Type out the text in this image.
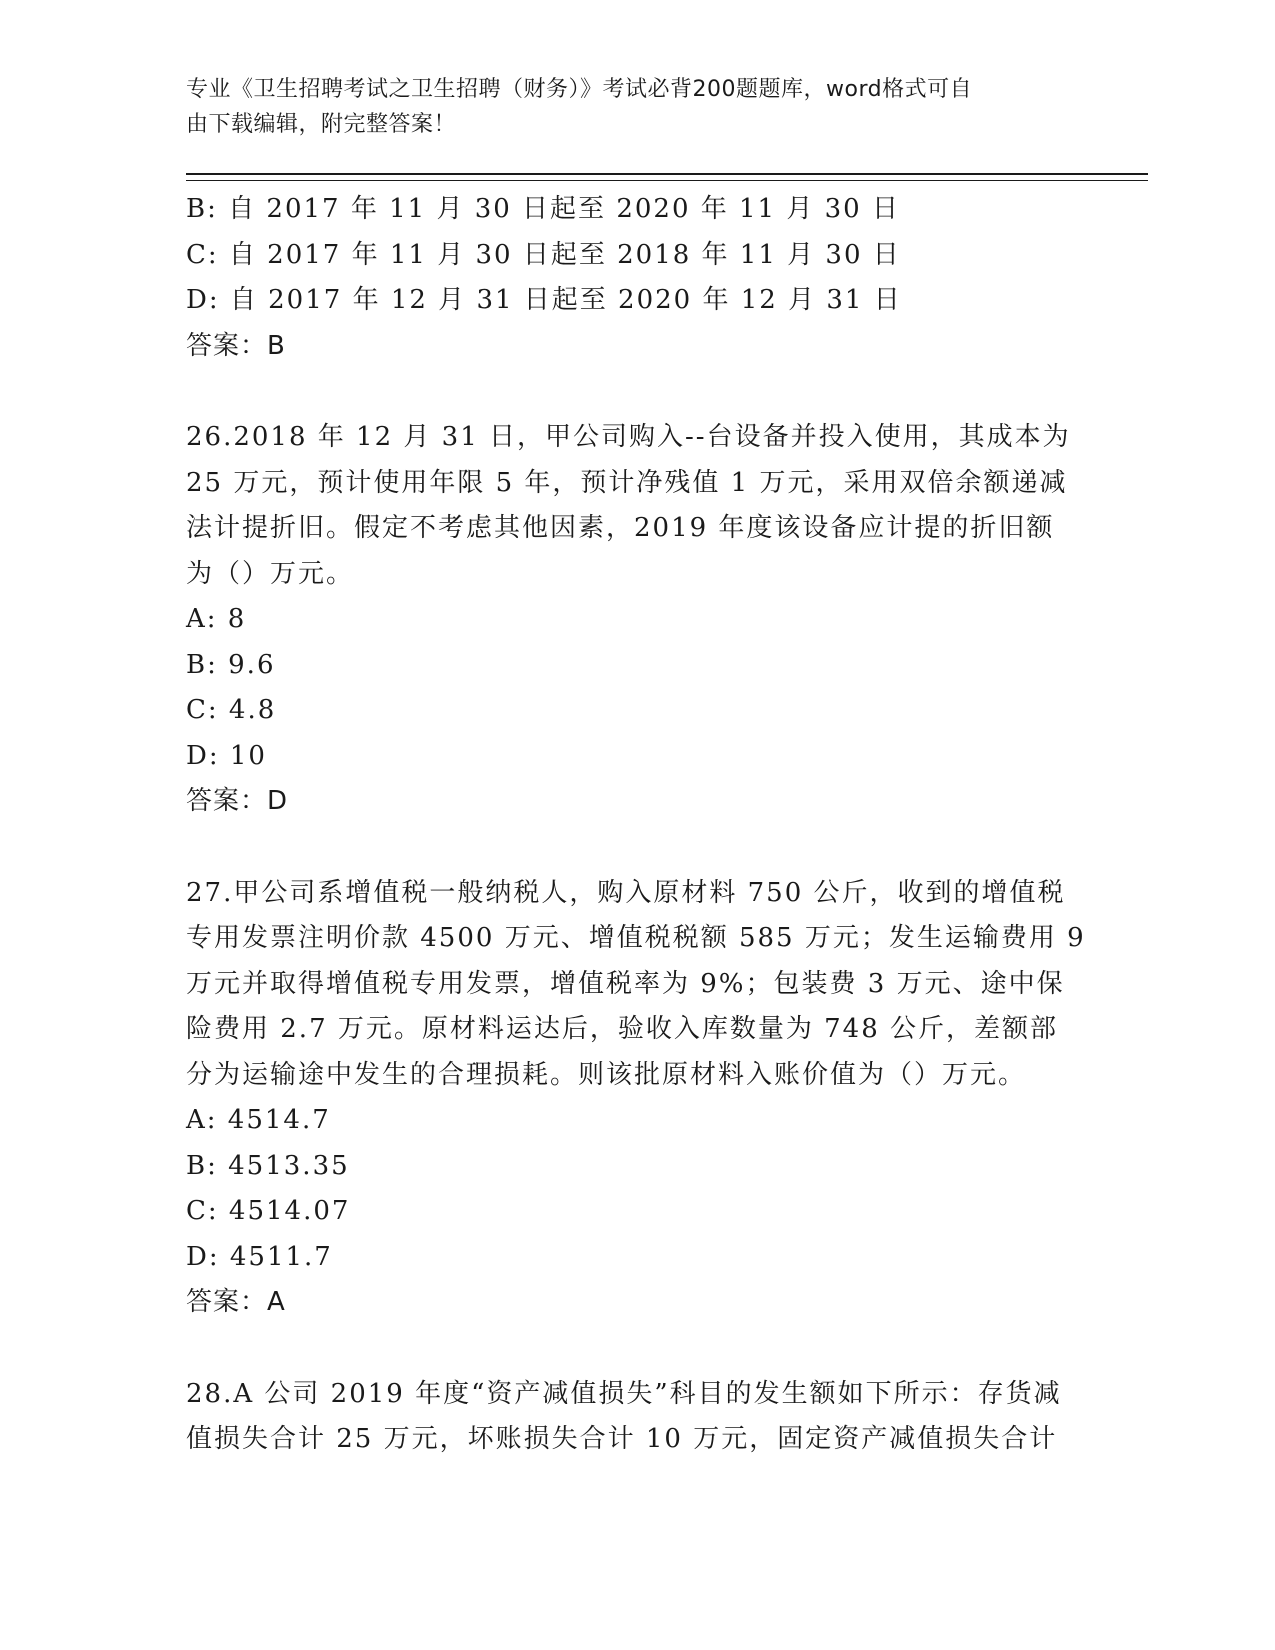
专业《卫生招聘考试之卫生招聘（财务）》考试必背200题题库，word格式可自
由下载编辑，附完整答案！
B: 自 2017 年 11 月 30 日起至 2020 年 11 月 30 日
C: 自 2017 年 11 月 30 日起至 2018 年 11 月 30 日
D: 自 2017 年 12 月 31 日起至 2020 年 12 月 31 日
答案：B
26.2018 年 12 月 31 日，甲公司购入--台设备并投入使用，其成本为
25 万元，预计使用年限 5 年，预计净残值 1 万元，采用双倍余额递减
法计提折旧。假定不考虑其他因素，2019 年度该设备应计提的折旧额
为（）万元。
A: 8
B: 9.6
C: 4.8
D: 10
答案：D
27.甲公司系增值税一般纳税人，购入原材料 750 公斤，收到的增值税
专用发票注明价款 4500 万元、增值税税额 585 万元；发生运输费用 9
万元并取得增值税专用发票，增值税率为 9%；包装费 3 万元、途中保
险费用 2.7 万元。原材料运达后，验收入库数量为 748 公斤，差额部
分为运输途中发生的合理损耗。则该批原材料入账价值为（）万元。
A: 4514.7
B: 4513.35
C: 4514.07
D: 4511.7
答案：A
28.A 公司 2019 年度“资产减值损失”科目的发生额如下所示：存货减
值损失合计 25 万元，坏账损失合计 10 万元，固定资产减值损失合计
